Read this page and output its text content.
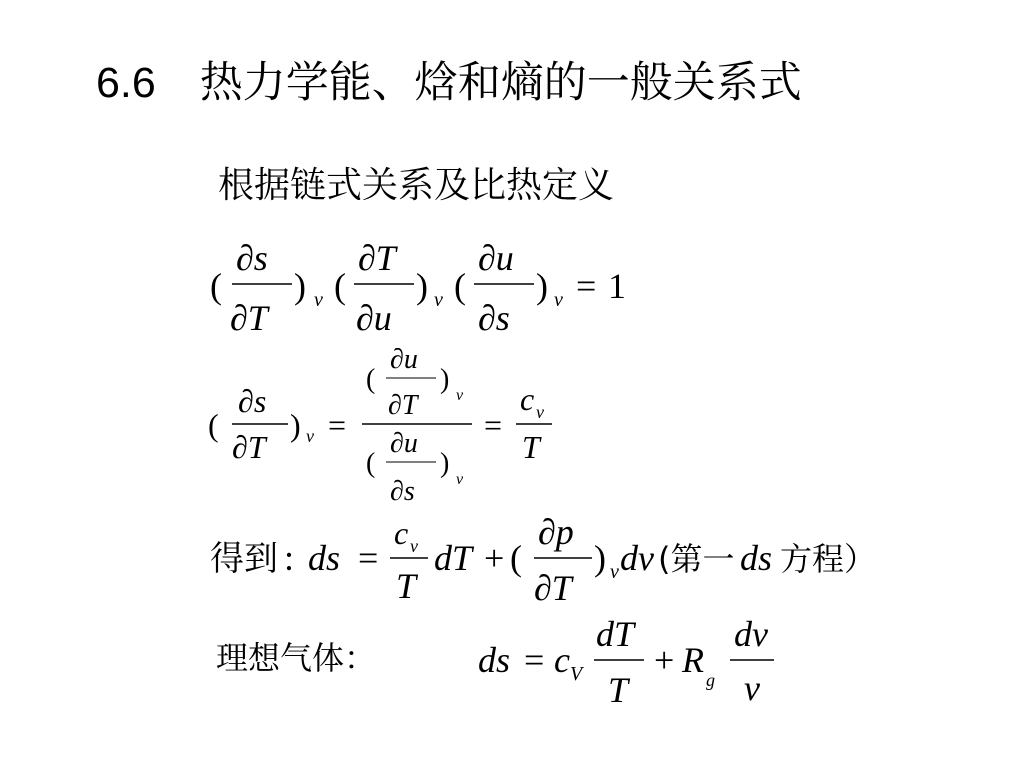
6.6 热力学能、焓和熵的一般关系式
根据链式关系及比热定义
(
∂s
∂T
) v (
∂T
∂u
) v (
∂u
∂s
) v = 1
(
∂s
∂T
) v =
(
∂u
∂T
)
v
(
∂u
∂s
)
v
=
c v
T
得到 : ds =
c v
T
dT + (
∂p
∂T
) v dv (第一 ds 方程）
理想气体：	ds = c V
dT
T
+ R g
dv
v
